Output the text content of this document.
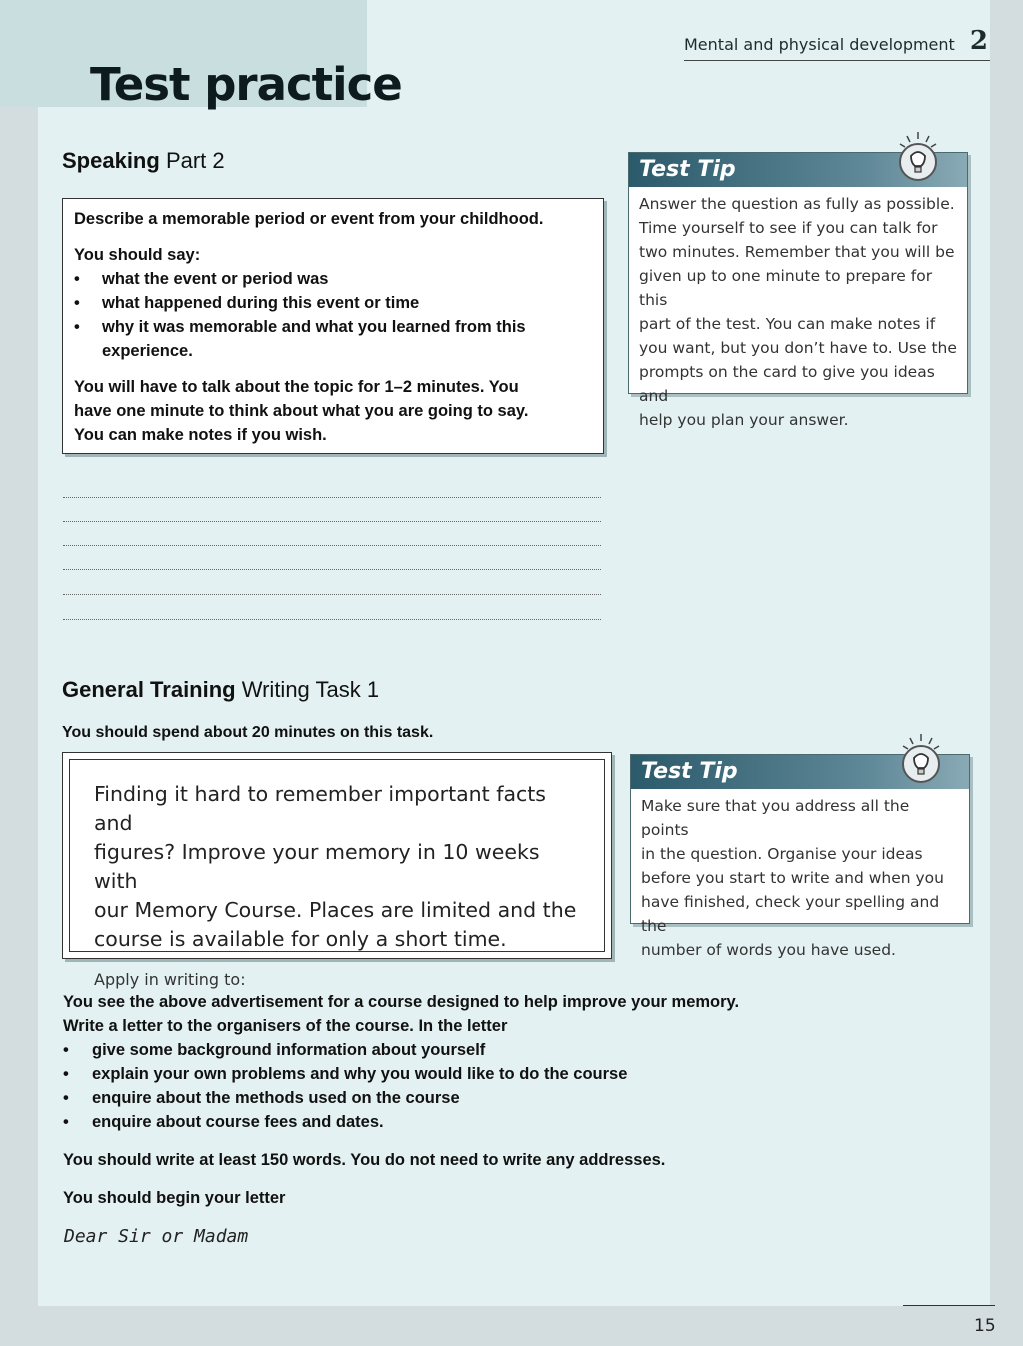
Test practice
Mental and physical development 2
Speaking Part 2

Describe a memorable period or event from your childhood.

You should say:

• what the event or period was
• what happened during this event or time
• why it was memorable and what you learned from this experience.

You will have to talk about the topic for 1–2 minutes. You

have one minute to think about what you are going to say.

You can make notes if you wish.

Test Tip
Answer the question as fully as possible.
Time yourself to see if you can talk for
two minutes. Remember that you will be
given up to one minute to prepare for this
part of the test. You can make notes if
you want, but you don’t have to. Use the
prompts on the card to give you ideas and
help you plan your answer.
General Training Writing Task 1
You should spend about 20 minutes on this task.

Finding it hard to remember important facts and
figures? Improve your memory in 10 weeks with
our Memory Course. Places are limited and the
course is available for only a short time.

Apply in writing to:

Test Tip
Make sure that you address all the points
in the question. Organise your ideas
before you start to write and when you
have finished, check your spelling and the
number of words you have used.

You see the above advertisement for a course designed to help improve your memory.

Write a letter to the organisers of the course. In the letter

• give some background information about yourself
• explain your own problems and why you would like to do the course
• enquire about the methods used on the course
• enquire about course fees and dates.

You should write at least 150 words. You do not need to write any addresses.

You should begin your letter

Dear Sir or Madam
15
